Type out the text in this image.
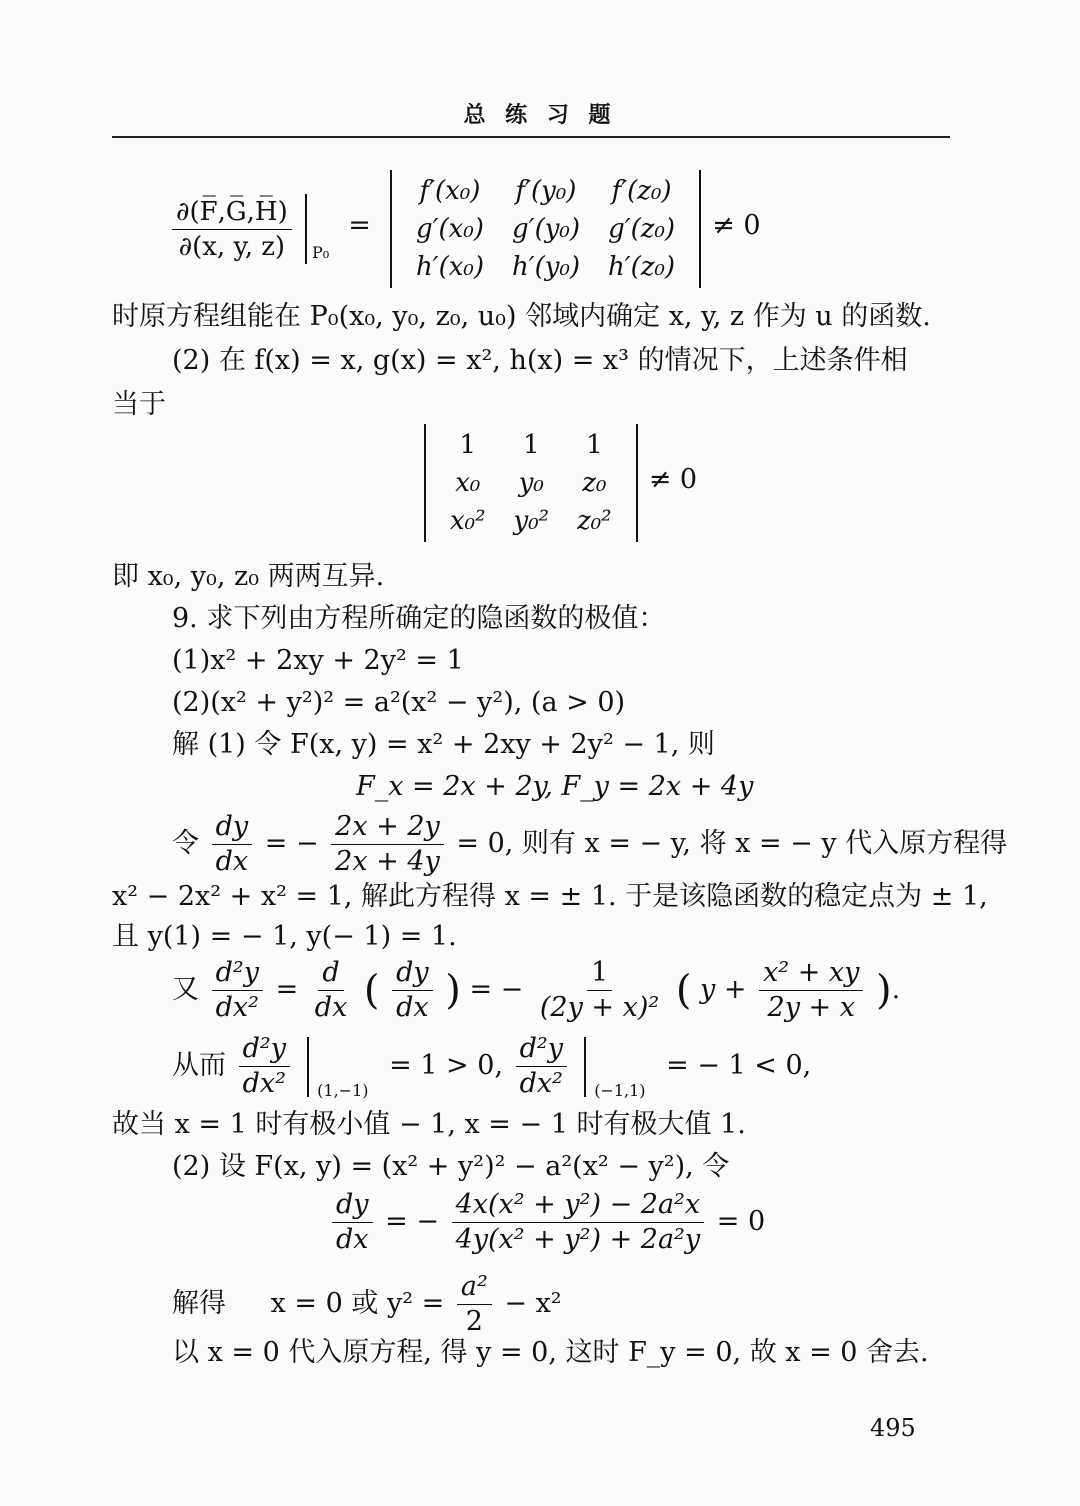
总 练 习 题
$\frac{\partial(F̅,G̅,H̅)}{\partial(x, y, z)} P_0$ =
f′(x₀)	f′(y₀)	f′(z₀)
g′(x₀)	g′(y₀)	g′(z₀)
h′(x₀)	h′(y₀)	h′(z₀)
≠ 0
时原方程组能在 P₀(x₀, y₀, z₀, u₀) 邻域内确定 x, y, z 作为 u 的函数.
(2) 在 f(x) = x, g(x) = x², h(x) = x³ 的情况下，上述条件相
当于
1	1	1
x₀	y₀	z₀
x₀²	y₀²	z₀²
≠ 0
即 x₀, y₀, z₀ 两两互异.
9. 求下列由方程所确定的隐函数的极值：
(1)x² + 2xy + 2y² = 1
(2)(x² + y²)² = a²(x² − y²), (a > 0)
解 (1) 令 F(x, y) = x² + 2xy + 2y² − 1, 则
F_x = 2x + 2y, F_y = 2x + 4y
令 $\frac{dy}{dx}$ = − $\frac{2x + 2y}{2x + 4y} = 0$, 则有 x = − y, 将 x = − y 代入原方程得
x² − 2x² + x² = 1, 解此方程得 x = ± 1. 于是该隐函数的稳定点为 ± 1,
且 y(1) = − 1, y(− 1) = 1.
又 $\frac{\text{d²y}}{\text{dx²}} = \frac{d}{dx}$ ( $\frac{dy}{dx}$ ) = − $\frac{1}{\text{(2y + x)²}}$ ( $y + \frac{\text{x² + xy}}{2y + x}$ ).
从而 $\frac{\text{d²y}}{\text{dx²}} _{(1,-1)} = 1 > 0$, $\frac{\text{d²y}}{\text{dx²}} _{(-1,1)}$ = − 1 < 0,
故当 x = 1 时有极小值 − 1, x = − 1 时有极大值 1.
(2) 设 F(x, y) = (x² + y²)² − a²(x² − y²), 令
$\frac{dy}{dx}$ = − $\frac{\text{4x(x² + y²) − 2a²x}}{\text{4y(x² + y²) + 2a²y}} = 0$
解得 x = 0 或 $y^2 = \frac{\text{a²}}{2} - x^2$
以 x = 0 代入原方程, 得 y = 0, 这时 F_y = 0, 故 x = 0 舍去.
495
